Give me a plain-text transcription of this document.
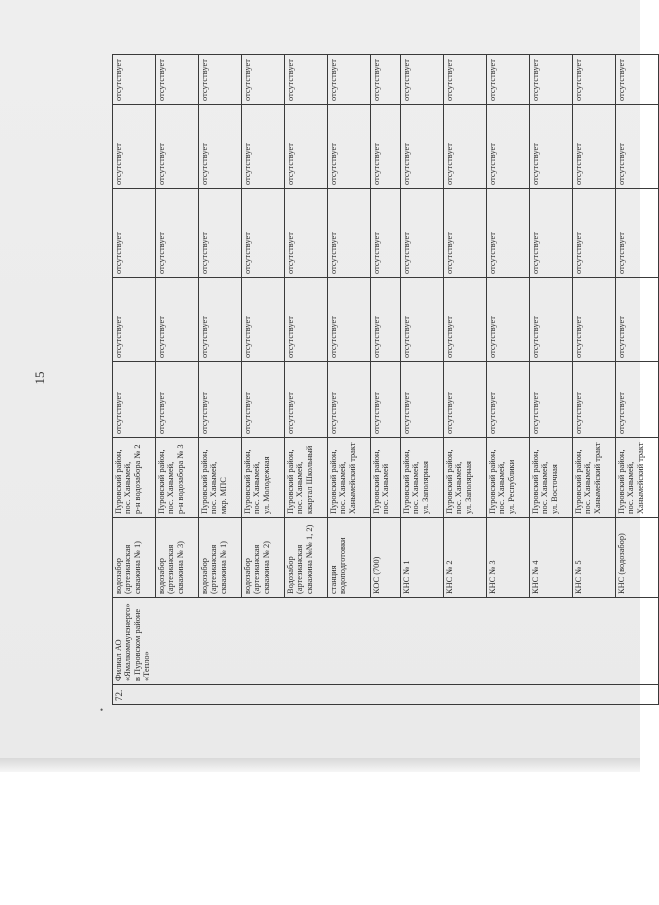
15
•
72.	Филиал АО «Ямалкоммунэнерго» в Пуровском районе «Тепло»	водозабор
(артезианская
скважина № 1)	Пуровский район,
пос. Ханымей,
р-н водозабора № 2	отсутствует	отсутствует	отсутствует	отсутствует	отсутствует
		водозабор
(артезианская
скважина № 3)	Пуровский район,
пос. Ханымей,
р-н водозабора № 3	отсутствует	отсутствует	отсутствует	отсутствует	отсутствует
		водозабор
(артезианская
скважина № 1)	Пуровский район,
пос. Ханымей,
мкр. МПС	отсутствует	отсутствует	отсутствует	отсутствует	отсутствует
		водозабор
(артезианская
скважина № 2)	Пуровский район,
пос. Ханымей,
ул. Молодежная	отсутствует	отсутствует	отсутствует	отсутствует	отсутствует
		Водозабор
(артезианская
скважина №№ 1, 2)	Пуровский район,
пос. Ханымей,
квартал Школьный	отсутствует	отсутствует	отсутствует	отсутствует	отсутствует
		станция
водоподготовки	Пуровский район,
пос. Ханымей,
Ханымейский тракт	отсутствует	отсутствует	отсутствует	отсутствует	отсутствует
		КОС (700)	Пуровский район,
пос. Ханымей	отсутствует	отсутствует	отсутствует	отсутствует	отсутствует
		КНС № 1	Пуровский район,
пос. Ханымей,
ул. Заполярная	отсутствует	отсутствует	отсутствует	отсутствует	отсутствует
		КНС № 2	Пуровский район,
пос. Ханымей,
ул. Заполярная	отсутствует	отсутствует	отсутствует	отсутствует	отсутствует
		КНС № 3	Пуровский район,
пос. Ханымей,
ул. Республики	отсутствует	отсутствует	отсутствует	отсутствует	отсутствует
		КНС № 4	Пуровский район,
пос. Ханымей,
ул. Восточная	отсутствует	отсутствует	отсутствует	отсутствует	отсутствует
		КНС № 5	Пуровский район,
пос. Ханымей,
Ханымейский тракт	отсутствует	отсутствует	отсутствует	отсутствует	отсутствует
		КНС (водозабор)	Пуровский район,
пос. Ханымей,
Ханымейский тракт	отсутствует	отсутствует	отсутствует	отсутствует	отсутствует
